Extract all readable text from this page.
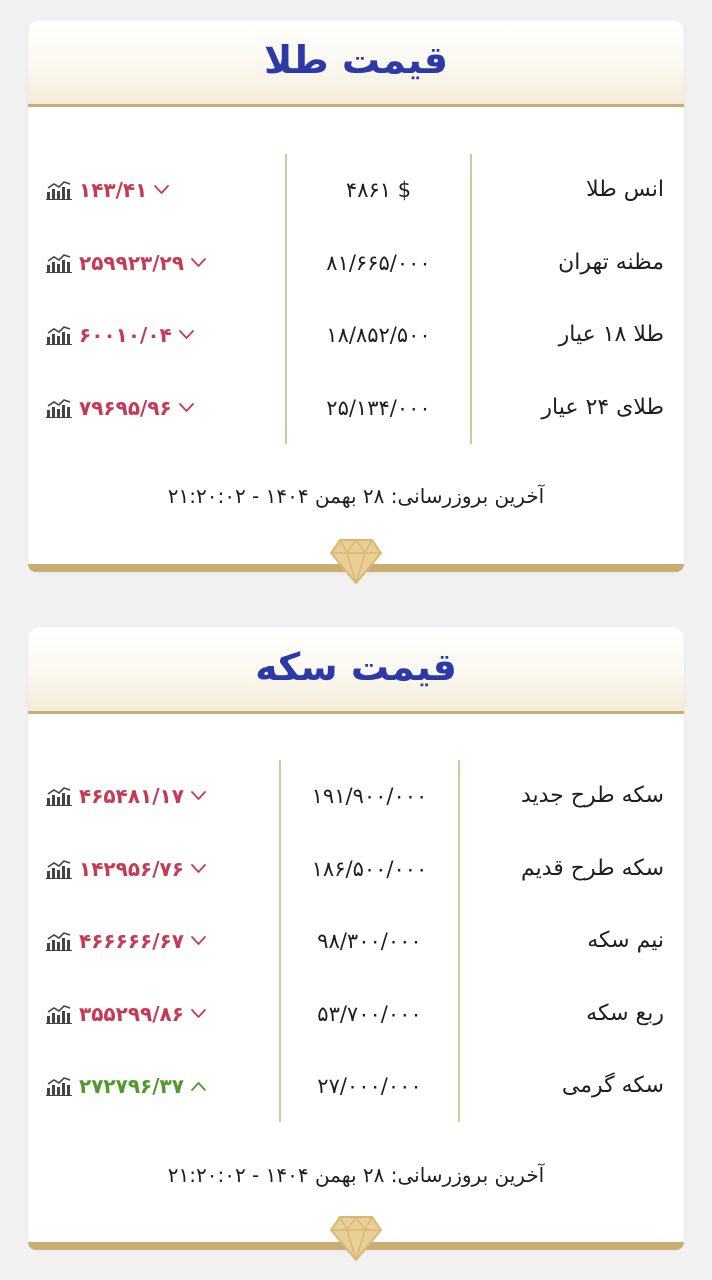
قیمت طلا
انس طلا
۴۸۶۱ $
۱۴۳/۴۱
مظنه تهران
۸۱/۶۶۵/۰۰۰
۲۵۹۹۲۳/۲۹
طلا ۱۸ عیار
۱۸/۸۵۲/۵۰۰
۶۰۰۱۰/۰۴
طلای ۲۴ عیار
۲۵/۱۳۴/۰۰۰
۷۹۶۹۵/۹۶
آخرین بروزرسانی: ۲۸ بهمن ۱۴۰۴ - ۲۱:۲۰:۰۲
قیمت سکه
سکه طرح جدید
۱۹۱/۹۰۰/۰۰۰
۴۶۵۴۸۱/۱۷
سکه طرح قدیم
۱۸۶/۵۰۰/۰۰۰
۱۴۲۹۵۶/۷۶
نیم سکه
۹۸/۳۰۰/۰۰۰
۴۶۶۶۶۶/۶۷
ربع سکه
۵۳/۷۰۰/۰۰۰
۳۵۵۲۹۹/۸۶
سکه گرمی
۲۷/۰۰۰/۰۰۰
۲۷۲۷۹۶/۳۷
آخرین بروزرسانی: ۲۸ بهمن ۱۴۰۴ - ۲۱:۲۰:۰۲
